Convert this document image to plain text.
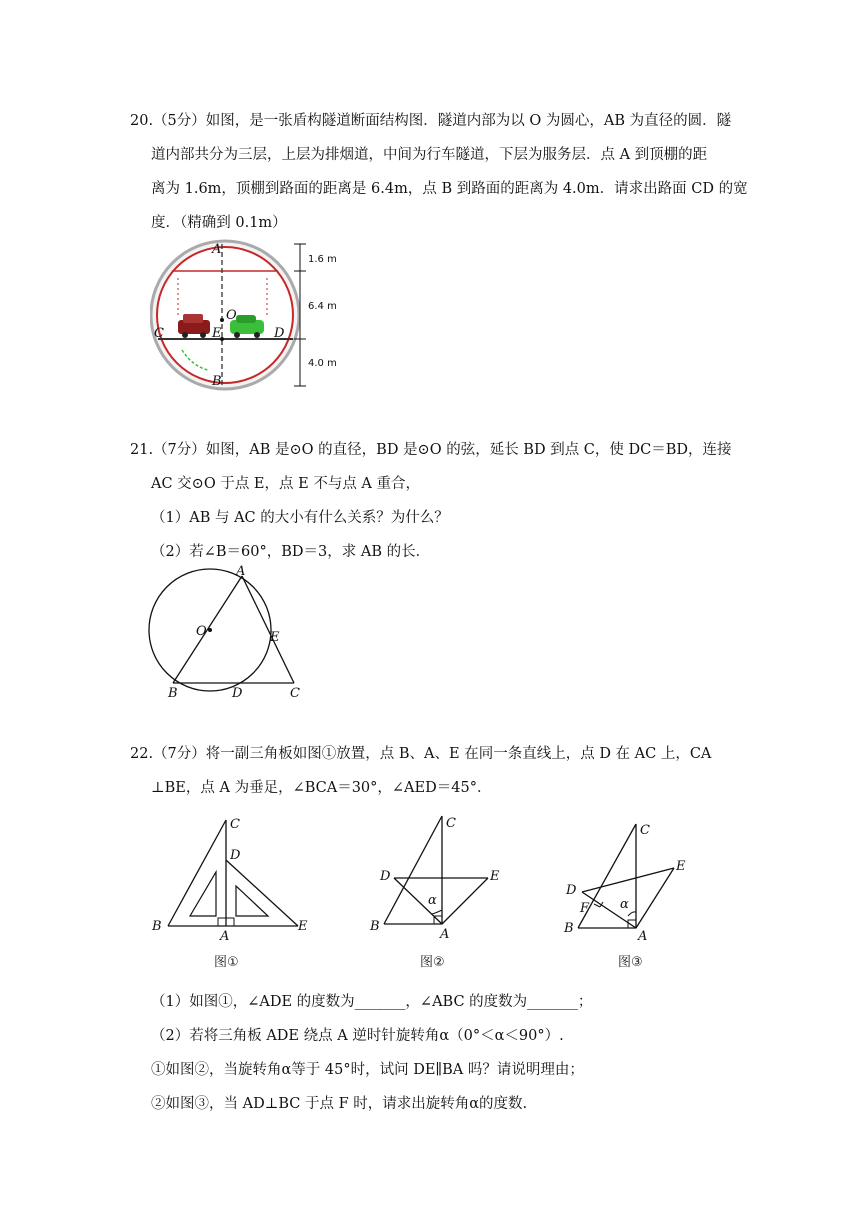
20.（5分）如图，是一张盾构隧道断面结构图．隧道内部为以 O 为圆心，AB 为直径的圆．隧
道内部共分为三层，上层为排烟道，中间为行车隧道，下层为服务层．点 A 到顶棚的距
离为 1.6m，顶棚到路面的距离是 6.4m，点 B 到路面的距离为 4.0m．请求出路面 CD 的宽
度．（精确到 0.1m）
A
O
C	E	D
B
1.6 m
6.4 m
4.0 m
21.（7分）如图，AB 是⊙O 的直径，BD 是⊙O 的弦，延长 BD 到点 C，使 DC＝BD，连接
AC 交⊙O 于点 E，点 E 不与点 A 重合，
（1）AB 与 AC 的大小有什么关系？为什么？
（2）若∠B＝60°，BD＝3，求 AB 的长．
A
O	E
B	D	C
22.（7分）将一副三角板如图①放置，点 B、A、E 在同一条直线上，点 D 在 AC 上，CA
⊥BE，点 A 为垂足，∠BCA＝30°，∠AED＝45°．
C
D
B
A
E
图①
C
D	E
α
B
A
图②
C
E
D
F α
B
A
图③
（1）如图①，∠ADE 的度数为_______，∠ABC 的度数为_______；
（2）若将三角板 ADE 绕点 A 逆时针旋转角α（0°＜α＜90°）.
①如图②，当旋转角α等于 45°时，试问 DE∥BA 吗？请说明理由；
②如图③，当 AD⊥BC 于点 F 时，请求出旋转角α的度数.
